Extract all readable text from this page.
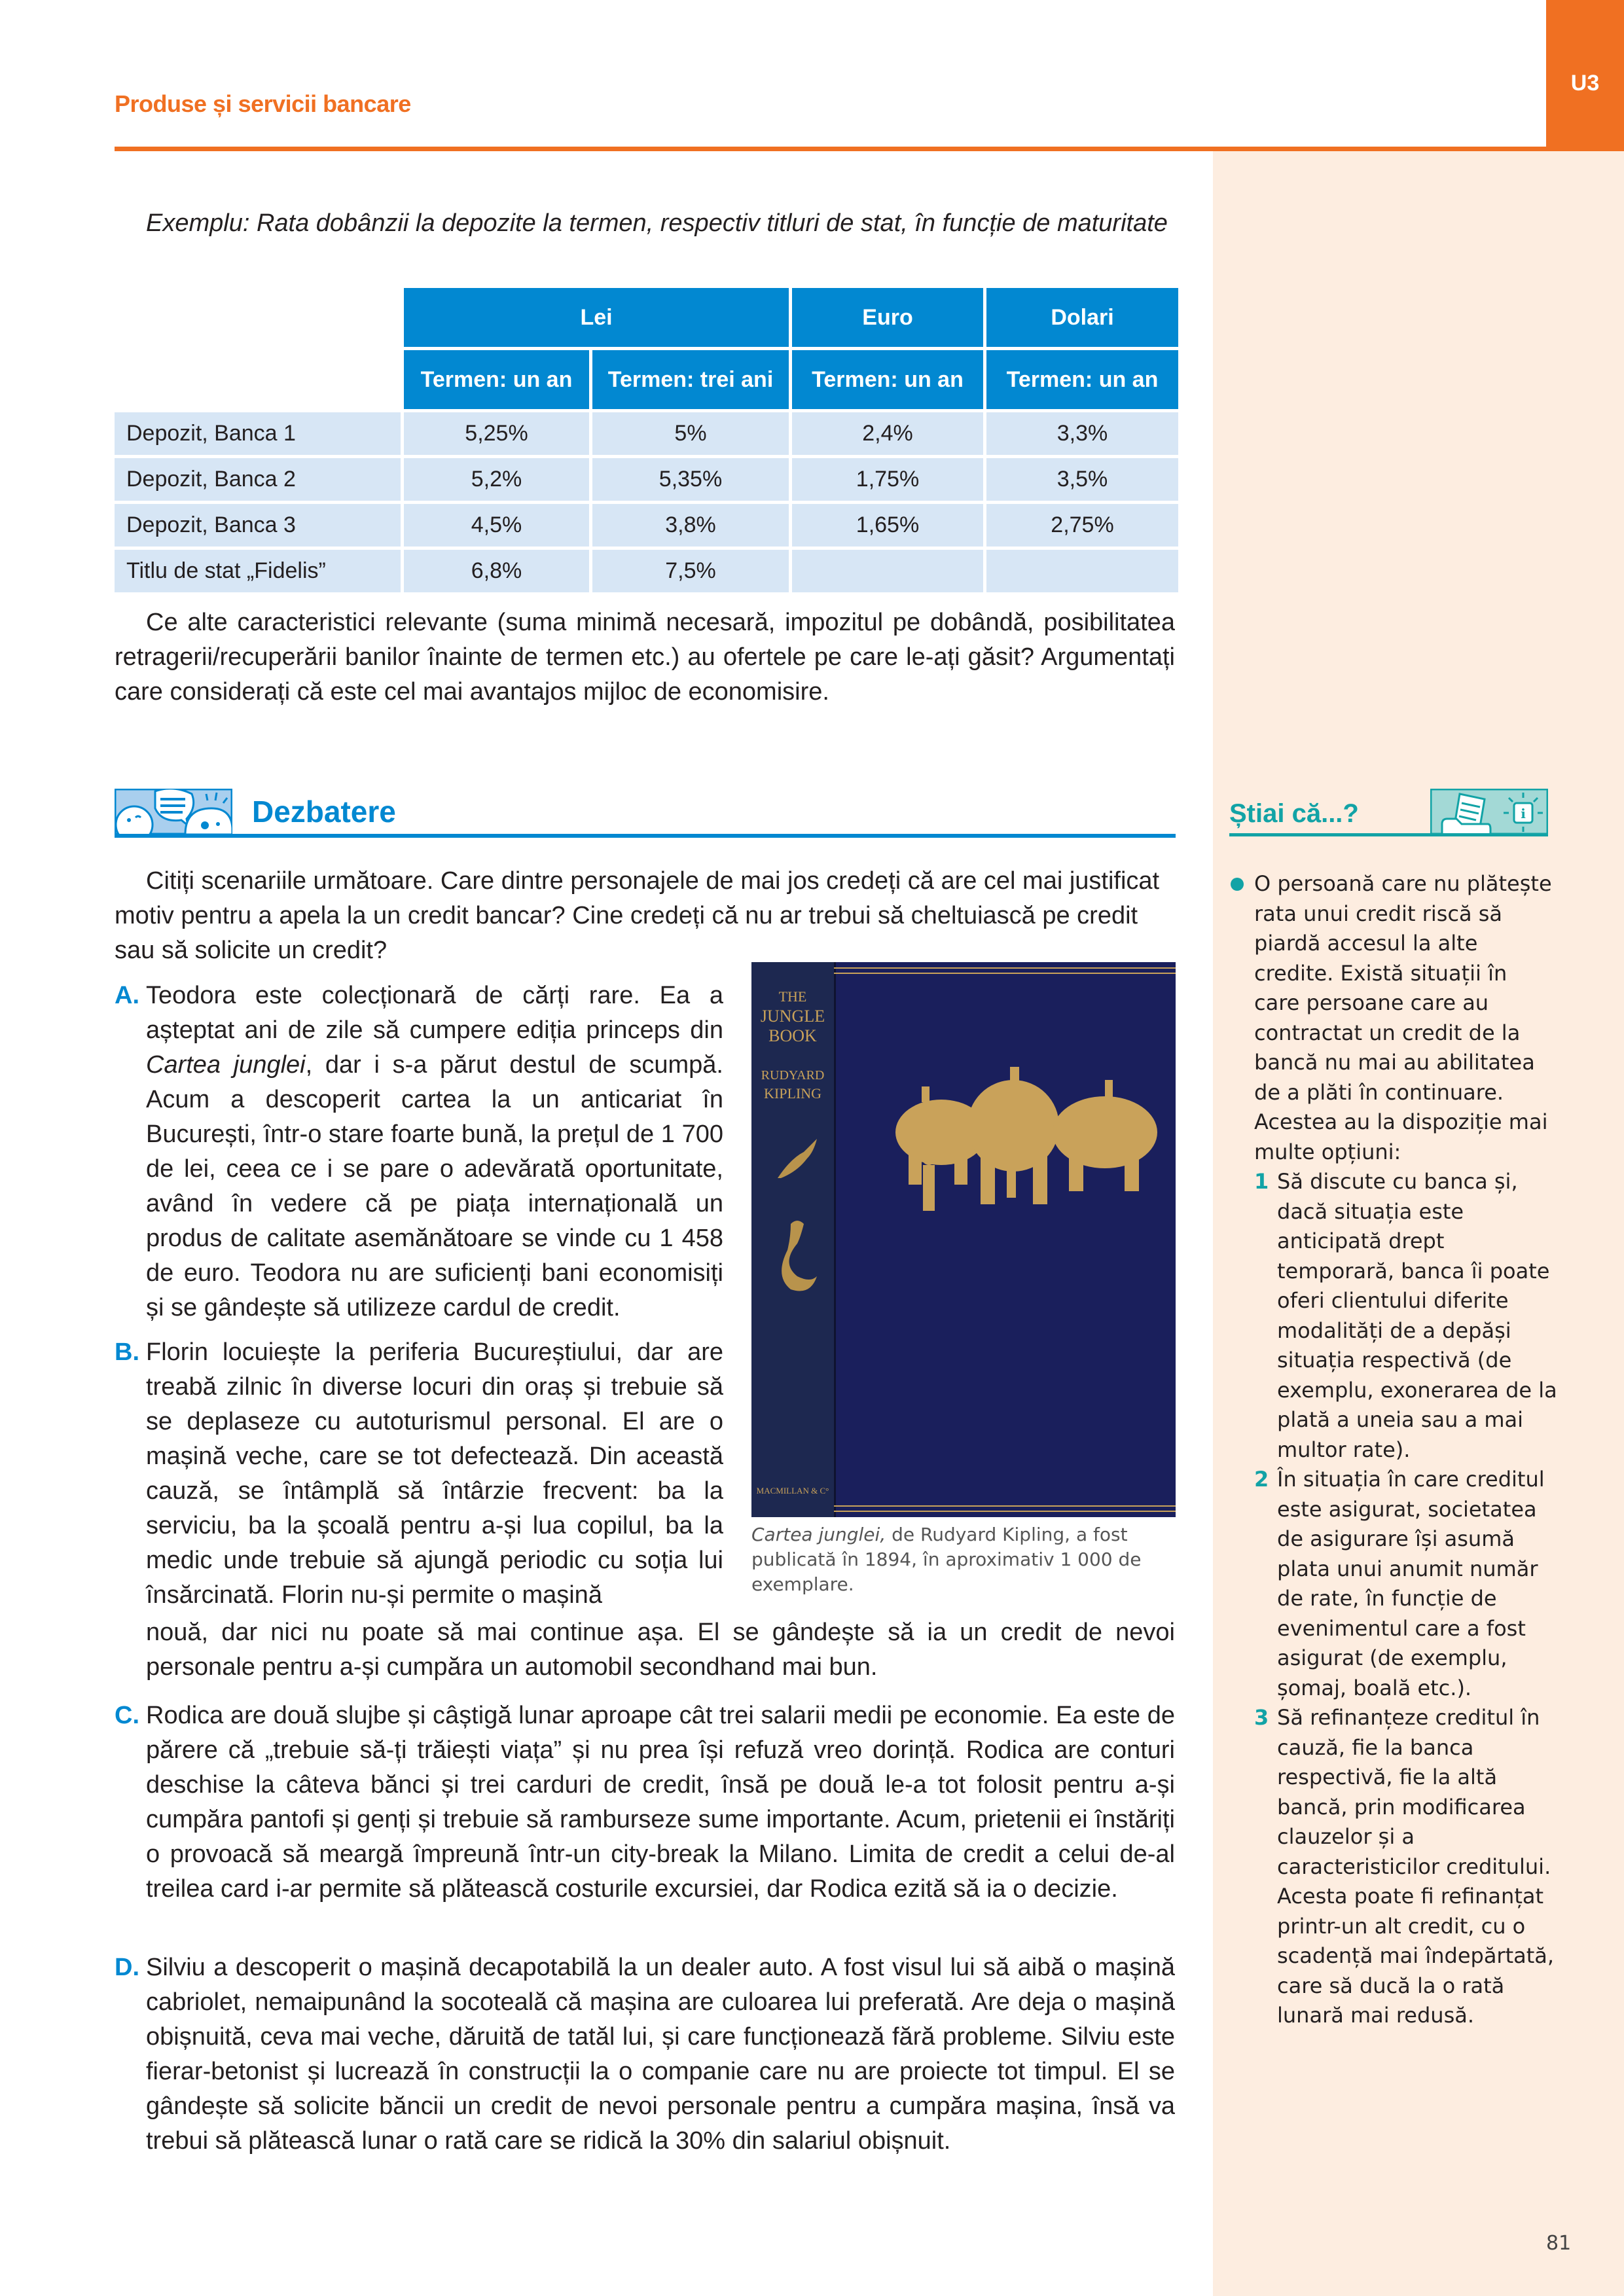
Produse și servicii bancare
U3
Exemplu: Rata dobânzii la depozite la termen, respectiv titluri de stat, în funcție de maturitate
	Lei		Euro	Dolari
	Termen: un an	Termen: trei ani	Termen: un an	Termen: un an
Depozit, Banca 1	5,25%	5%	2,4%	3,3%
Depozit, Banca 2	5,2%	5,35%	1,75%	3,5%
Depozit, Banca 3	4,5%	3,8%	1,65%	2,75%
Titlu de stat „Fidelis”	6,8%	7,5%		
Ce alte caracteristici relevante (suma minimă necesară, impozitul pe dobândă, posibilitatea retragerii/recuperării banilor înainte de termen etc.) au ofertele pe care le-ați găsit? Argumentați care considerați că este cel mai avantajos mijloc de economisire.
Dezbatere
Citiți scenariile următoare. Care dintre personajele de mai jos credeți că are cel mai justificat motiv pentru a apela la un credit bancar? Cine credeți că nu ar trebui să cheltuiască pe credit sau să solicite un credit?
A. Teodora este colecționară de cărți rare. Ea a așteptat ani de zile să cumpere ediția princeps din Cartea junglei, dar i s-a părut destul de scumpă. Acum a descoperit cartea la un anticariat în București, într-o stare foarte bună, la prețul de 1 700 de lei, ceea ce i se pare o adevărată oportunitate, având în vedere că pe piața internațională un produs de calitate asemănătoare se vinde cu 1 458 de euro. Teodora nu are suficienți bani economisiți și se gândește să utilizeze cardul de credit.
B. Florin locuiește la periferia Bucureștiului, dar are treabă zilnic în diverse locuri din oraș și trebuie să se deplaseze cu autoturismul personal. El are o mașină veche, care se tot defectează. Din această cauză, se întâmplă să întârzie frecvent: ba la serviciu, ba la școală pentru a-și lua copilul, ba la medic unde trebuie să ajungă periodic cu soția lui însărcinată. Florin nu-și permite o mașină
nouă, dar nici nu poate să mai continue așa. El se gândește să ia un credit de nevoi personale pentru a-și cumpăra un automobil secondhand mai bun.
C. Rodica are două slujbe și câștigă lunar aproape cât trei salarii medii pe economie. Ea este de părere că „trebuie să-ți trăiești viața” și nu prea își refuză vreo dorință. Rodica are conturi deschise la câteva bănci și trei carduri de credit, însă pe două le-a tot folosit pentru a-și cumpăra pantofi și genți și trebuie să ramburseze sume importante. Acum, prietenii ei înstăriți o provoacă să meargă împreună într-un city-break la Milano. Limita de credit a celui de-al treilea card i-ar permite să plătească costurile excursiei, dar Rodica ezită să ia o decizie.
D. Silviu a descoperit o mașină decapotabilă la un dealer auto. A fost visul lui să aibă o mașină cabriolet, nemaipunând la socoteală că mașina are culoarea lui preferată. Are deja o mașină obișnuită, ceva mai veche, dăruită de tatăl lui, și care funcționează fără probleme. Silviu este fierar-betonist și lucrează în construcții la o companie care nu are proiecte tot timpul. El se gândește să solicite băncii un credit de nevoi personale pentru a cumpăra mașina, însă va trebui să plătească lunar o rată care se ridică la 30% din salariul obișnuit.
THE
JUNGLE
BOOK
RUDYARD
KIPLING
MACMILLAN & C°
Cartea junglei, de Rudyard Kipling, a fost publicată în 1894, în aproximativ 1 000 de exemplare.
Știai că...?	i
O persoană care nu plătește rata unui credit riscă să piardă accesul la alte credite. Există situații în care persoane care au contractat un credit de la bancă nu mai au abilitatea de a plăti în continuare. Acestea au la dispoziție mai multe opțiuni:
1 Să discute cu banca și, dacă situația este anticipată drept temporară, banca îi poate oferi clientului diferite modalități de a depăși situația respectivă (de exemplu, exonerarea de la plată a uneia sau a mai multor rate).
2 În situația în care creditul este asigurat, societatea de asigurare își asumă plata unui anumit număr de rate, în funcție de evenimentul care a fost asigurat (de exemplu, șomaj, boală etc.).
3 Să refinanțeze creditul în cauză, fie la banca respectivă, fie la altă bancă, prin modificarea clauzelor și a caracteristicilor creditului. Acesta poate fi refinanțat printr-un alt credit, cu o scadență mai îndepărtată, care să ducă la o rată lunară mai redusă.
81
